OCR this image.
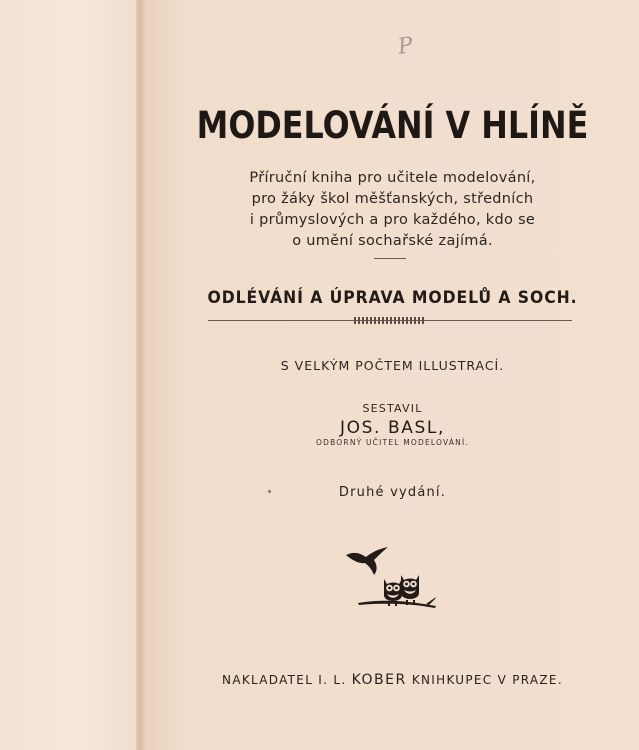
P
MODELOVÁNÍ V HLÍNĚ
Příruční kniha pro učitele modelování,
pro žáky škol měšťanských, středních
i průmyslových a pro každého, kdo se
o umění sochařské zajímá.
ODLÉVÁNÍ A ÚPRAVA MODELŮ A SOCH.
S VELKÝM POČTEM ILLUSTRACÍ.
SESTAVIL
JOS. BASL,
ODBORNÝ UČITEL MODELOVÁNÍ.
Druhé vydání.
NAKLADATEL I. L. KOBER KNIHKUPEC V PRAZE.
